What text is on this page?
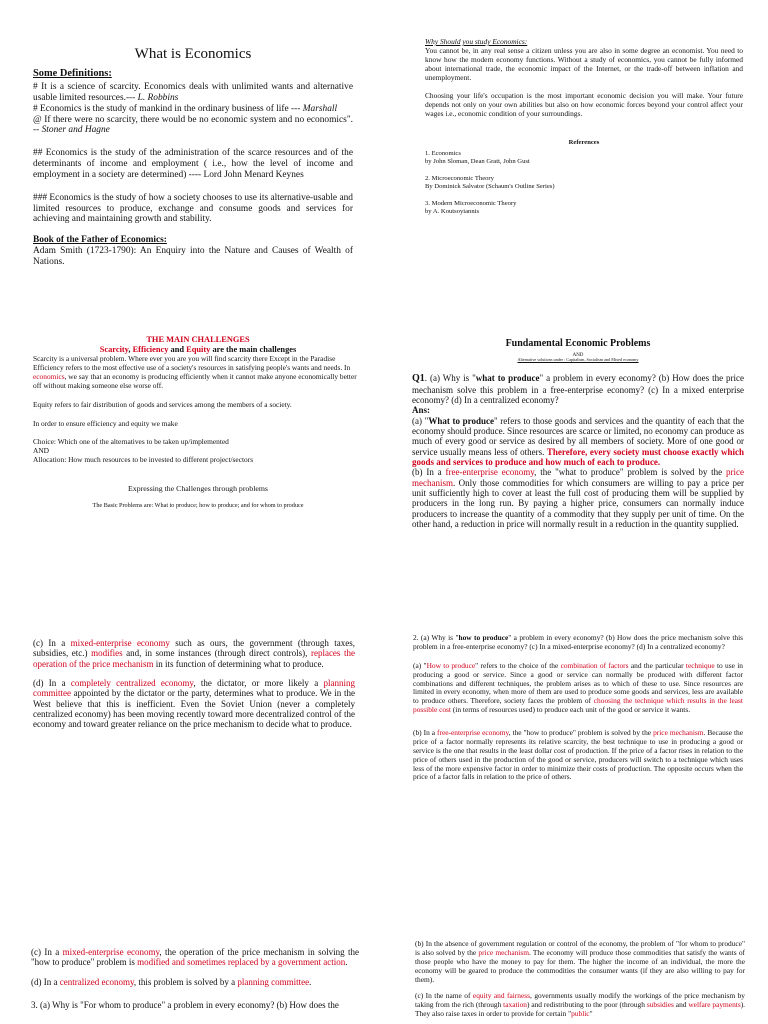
What is Economics
Some Definitions:

# It is a science of scarcity. Economics deals with unlimited wants and alternative usable limited resources.--- L. Robbins

# Economics is the study of mankind in the ordinary business of life --- Marshall

@ If there were no scarcity, there would be no economic system and no economics". -- Stoner and Hagne

## Economics is the study of the administration of the scarce resources and of the determinants of income and employment ( i.e., how the level of income and employment in a society are determined) ---- Lord John Menard Keynes

### Economics is the study of how a society chooses to use its alternative-usable and limited resources to produce, exchange and consume goods and services for achieving and maintaining growth and stability.

Book of the Father of Economics:

Adam Smith (1723-1790): An Enquiry into the Nature and Causes of Wealth of Nations.

Why Should you study Economics:

You cannot be, in any real sense a citizen unless you are also in some degree an economist. You need to know how the modern economy functions. Without a study of economics, you cannot be fully informed about international trade, the economic impact of the Internet, or the trade-off between inflation and unemployment.

Choosing your life's occupation is the most important economic decision you will make. Your future depends not only on your own abilities but also on how economic forces beyond your control affect your wages i.e., economic condition of your surroundings.

References

1. Economics

by John Sloman, Dean Gratt, John Gust

2. Microeconomic Theory

By Dominick Salvator (Schaum's Outline Series)

3. Modern Microeconomic Theory

by A. Koutsoyiannis

THE MAIN CHALLENGES

Scarcity, Efficiency and Equity are the main challenges

Scarcity is a universal problem. Where ever you are you will find scarcity there Except in the Paradise

Efficiency refers to the most effective use of a society's resources in satisfying people's wants and needs. In economics, we say that an economy is producing efficiently when it cannot make anyone economically better off without making someone else worse off.

Equity refers to fair distribution of goods and services among the members of a society.

In order to ensure efficiency and equity we make

Choice: Which one of the alternatives to be taken up/implemented

AND

Allocation: How much resources to be invested to different project/sectors

Expressing the Challenges through problems

The Basic Problems are: What to produce; how to produce; and for whom to produce

Fundamental Economic Problems

AND

Alternative solutions under : Capitalism, Socialism and Mixed economy

Q1. (a) Why is "what to produce" a problem in every economy? (b) How does the price mechanism solve this problem in a free-enterprise economy? (c) In a mixed enterprise economy? (d) In a centralized economy?

Ans:

(a) "What to produce" refers to those goods and services and the quantity of each that the economy should produce. Since resources are scarce or limited, no economy can produce as much of every good or service as desired by all members of society. More of one good or service usually means less of others. Therefore, every society must choose exactly which goods and services to produce and how much of each to produce.

(b) In a free-enterprise economy, the "what to produce" problem is solved by the price mechanism. Only those commodities for which consumers are willing to pay a price per unit sufficiently high to cover at least the full cost of producing them will be supplied by producers in the long run. By paying a higher price, consumers can normally induce producers to increase the quantity of a commodity that they supply per unit of time. On the other hand, a reduction in price will normally result in a reduction in the quantity supplied.

(c) In a mixed-enterprise economy such as ours, the government (through taxes, subsidies, etc.) modifies and, in some instances (through direct controls), replaces the operation of the price mechanism in its function of determining what to produce.

(d) In a completely centralized economy, the dictator, or more likely a planning committee appointed by the dictator or the party, determines what to produce. We in the West believe that this is inefficient. Even the Soviet Union (never a completely centralized economy) has been moving recently toward more decentralized control of the economy and toward greater reliance on the price mechanism to decide what to produce.

2. (a) Why is "how to produce" a problem in every economy? (b) How does the price mechanism solve this problem in a free-enterprise economy? (c) In a mixed-enterprise economy? (d) In a centralized economy?

(a) "How to produce" refers to the choice of the combination of factors and the particular technique to use in producing a good or service. Since a good or service can normally be produced with different factor combinations and different techniques, the problem arises as to which of these to use. Since resources are limited in every economy, when more of them are used to produce some goods and services, less are available to produce others. Therefore, society faces the problem of choosing the technique which results in the least possible cost (in terms of resources used) to produce each unit of the good or service it wants.

(b) In a free-enterprise economy, the "how to produce" problem is solved by the price mechanism. Because the price of a factor normally represents its relative scarcity, the best technique to use in producing a good or service is the one that results in the least dollar cost of production. If the price of a factor rises in relation to the price of others used in the production of the good or service, producers will switch to a technique which uses less of the more expensive factor in order to minimize their costs of production. The opposite occurs when the price of a factor falls in relation to the price of others.

(c) In a mixed-enterprise economy, the operation of the price mechanism in solving the "how to produce" problem is modified and sometimes replaced by a government action.

(d) In a centralized economy, this problem is solved by a planning committee.

3. (a) Why is "For whom to produce" a problem in every economy? (b) How does the

(b) In the absence of government regulation or control of the economy, the problem of "for whom to produce" is also solved by the price mechanism. The economy will produce those commodities that satisfy the wants of those people who have the money to pay for them. The higher the income of an individual, the more the economy will be geared to produce the commodities the consumer wants (if they are also willing to pay for them).

(c) In the name of equity and fairness, governments usually modify the workings of the price mechanism by taking from the rich (through taxation) and redistributing to the poor (through subsidies and welfare payments). They also raise taxes in order to provide for certain "public"
